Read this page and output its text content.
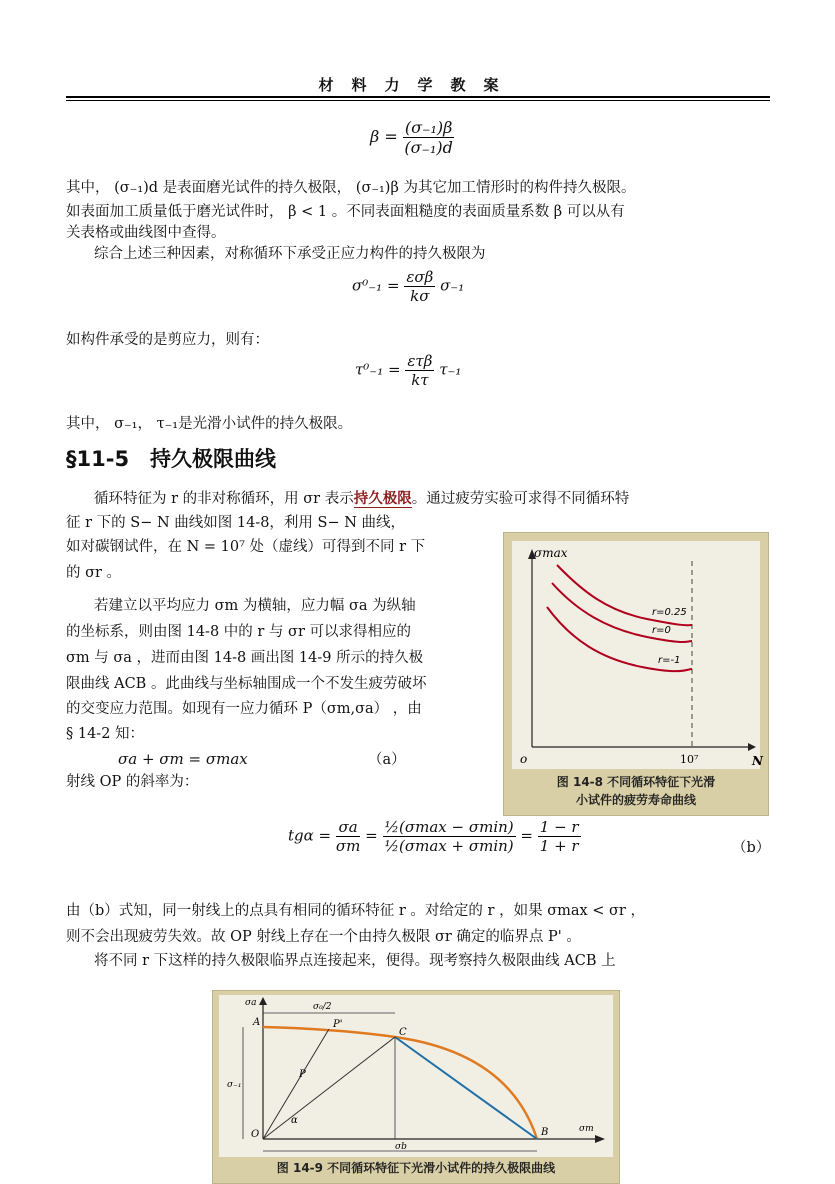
材料力学教案
$\beta = \frac{\text{(σ₋₁)β}}{\text{(σ₋₁)d}}$
其中， (σ₋₁)d 是表面磨光试件的持久极限， (σ₋₁)β 为其它加工情形时的构件持久极限。
如表面加工质量低于磨光试件时， β < 1 。不同表面粗糙度的表面质量系数 β 可以从有
关表格或曲线图中查得。
综合上述三种因素，对称循环下承受正应力构件的持久极限为
$\sigma^0_{-1} = \frac{\text{εσβ}}{k\sigma} \sigma_{-1}$
如构件承受的是剪应力，则有：
$\tau^0_{-1} = \frac{\text{ετβ}}{k\tau} \tau_{-1}$
其中， σ₋₁， τ₋₁是光滑小试件的持久极限。
§11-5　持久极限曲线
循环特征为 r 的非对称循环，用 σr 表示持久极限。通过疲劳实验可求得不同循环特
征 r 下的 S− N 曲线如图 14-8，利用 S− N 曲线，
如对碳钢试件，在 N = 10⁷ 处（虚线）可得到不同 r 下
的 σr 。
若建立以平均应力 σm 为横轴，应力幅 σa 为纵轴
的坐标系，则由图 14-8 中的 r 与 σr 可以求得相应的
σm 与 σa ，进而由图 14-8 画出图 14-9 所示的持久极
限曲线 ACB 。此曲线与坐标轴围成一个不发生疲劳破坏
的交变应力范围。如现有一应力循环 P（σm,σa） ，由
§ 14-2 知：
σa + σm = σmax	（a）
射线 OP 的斜率为：
$tg\alpha = \frac{\sigma a}{\sigma m} = \frac{\text{½(σmax − σmin)}}{\text{½(σmax + σmin)}} = \frac{1 - r}{1 + r}$	（b）
由（b）式知，同一射线上的点具有相同的循环特征 r 。对给定的 r ，如果 σmax < σr ，
则不会出现疲劳失效。故 OP 射线上存在一个由持久极限 σr 确定的临界点 P' 。
将不同 r 下这样的持久极限临界点连接起来，便得。现考察持久极限曲线 ACB 上
σmax
N
o	10⁷
r=0.25
r=0
r=-1
图 14-8 不同循环特征下光滑
小试件的疲劳寿命曲线
A
B
C
O
P
P'
α
σ₋₁
σ₀/2
σa
σm
σb
图 14-9 不同循环特征下光滑小试件的持久极限曲线
